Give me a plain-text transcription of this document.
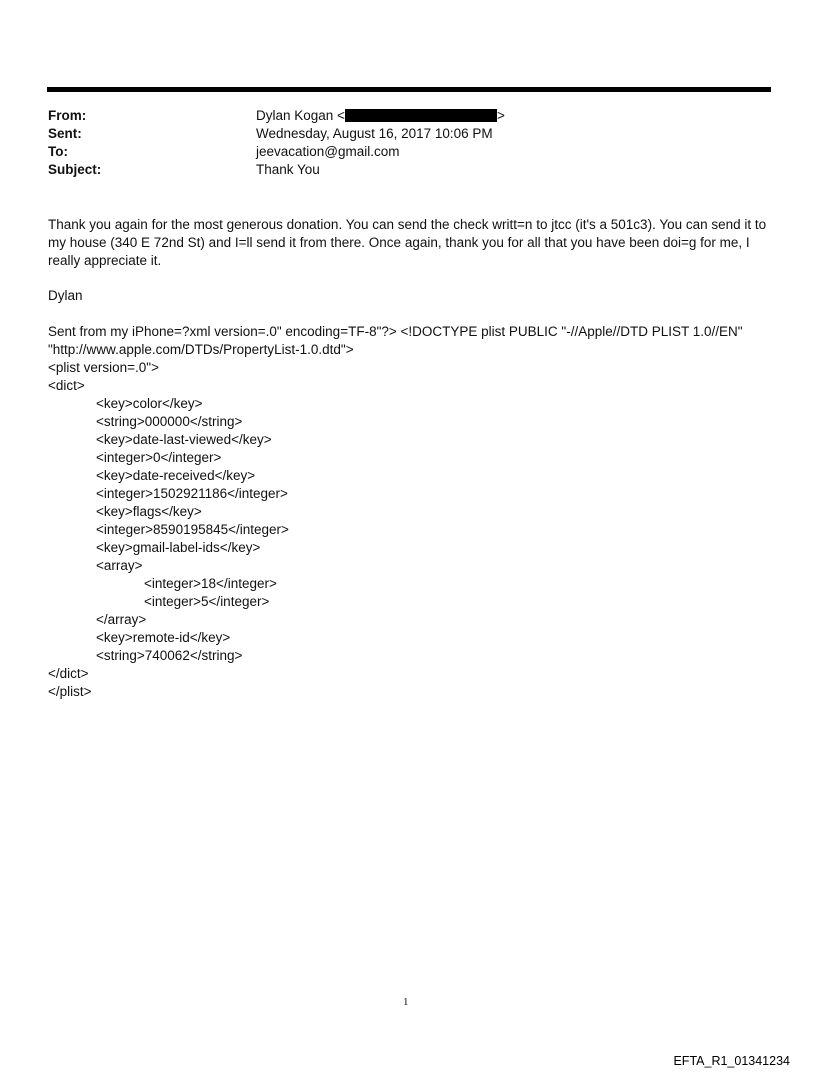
From:	Dylan Kogan <	>
Sent:	Wednesday, August 16, 2017 10:06 PM
To:	jeevacation@gmail.com
Subject:	Thank You

Thank you again for the most generous donation. You can send the check writt=n to jtcc (it's a 501c3). You can send it to my house (340 E 72nd St) and I=ll send it from there. Once again, thank you for all that you have been doi=g for me, I really appreciate it.

Dylan

Sent from my iPhone=?xml version=.0" encoding=TF-8"?> <!DOCTYPE plist PUBLIC "-//Apple//DTD PLIST 1.0//EN" "http://www.apple.com/DTDs/PropertyList-1.0.dtd">

<plist version=.0">
<dict>
<key>color</key>
<string>000000</string>
<key>date-last-viewed</key>
<integer>0</integer>
<key>date-received</key>
<integer>1502921186</integer>
<key>flags</key>
<integer>8590195845</integer>
<key>gmail-label-ids</key>
<array>
<integer>18</integer>
<integer>5</integer>
</array>
<key>remote-id</key>
<string>740062</string>
</dict>
</plist>
1
EFTA_R1_01341234
